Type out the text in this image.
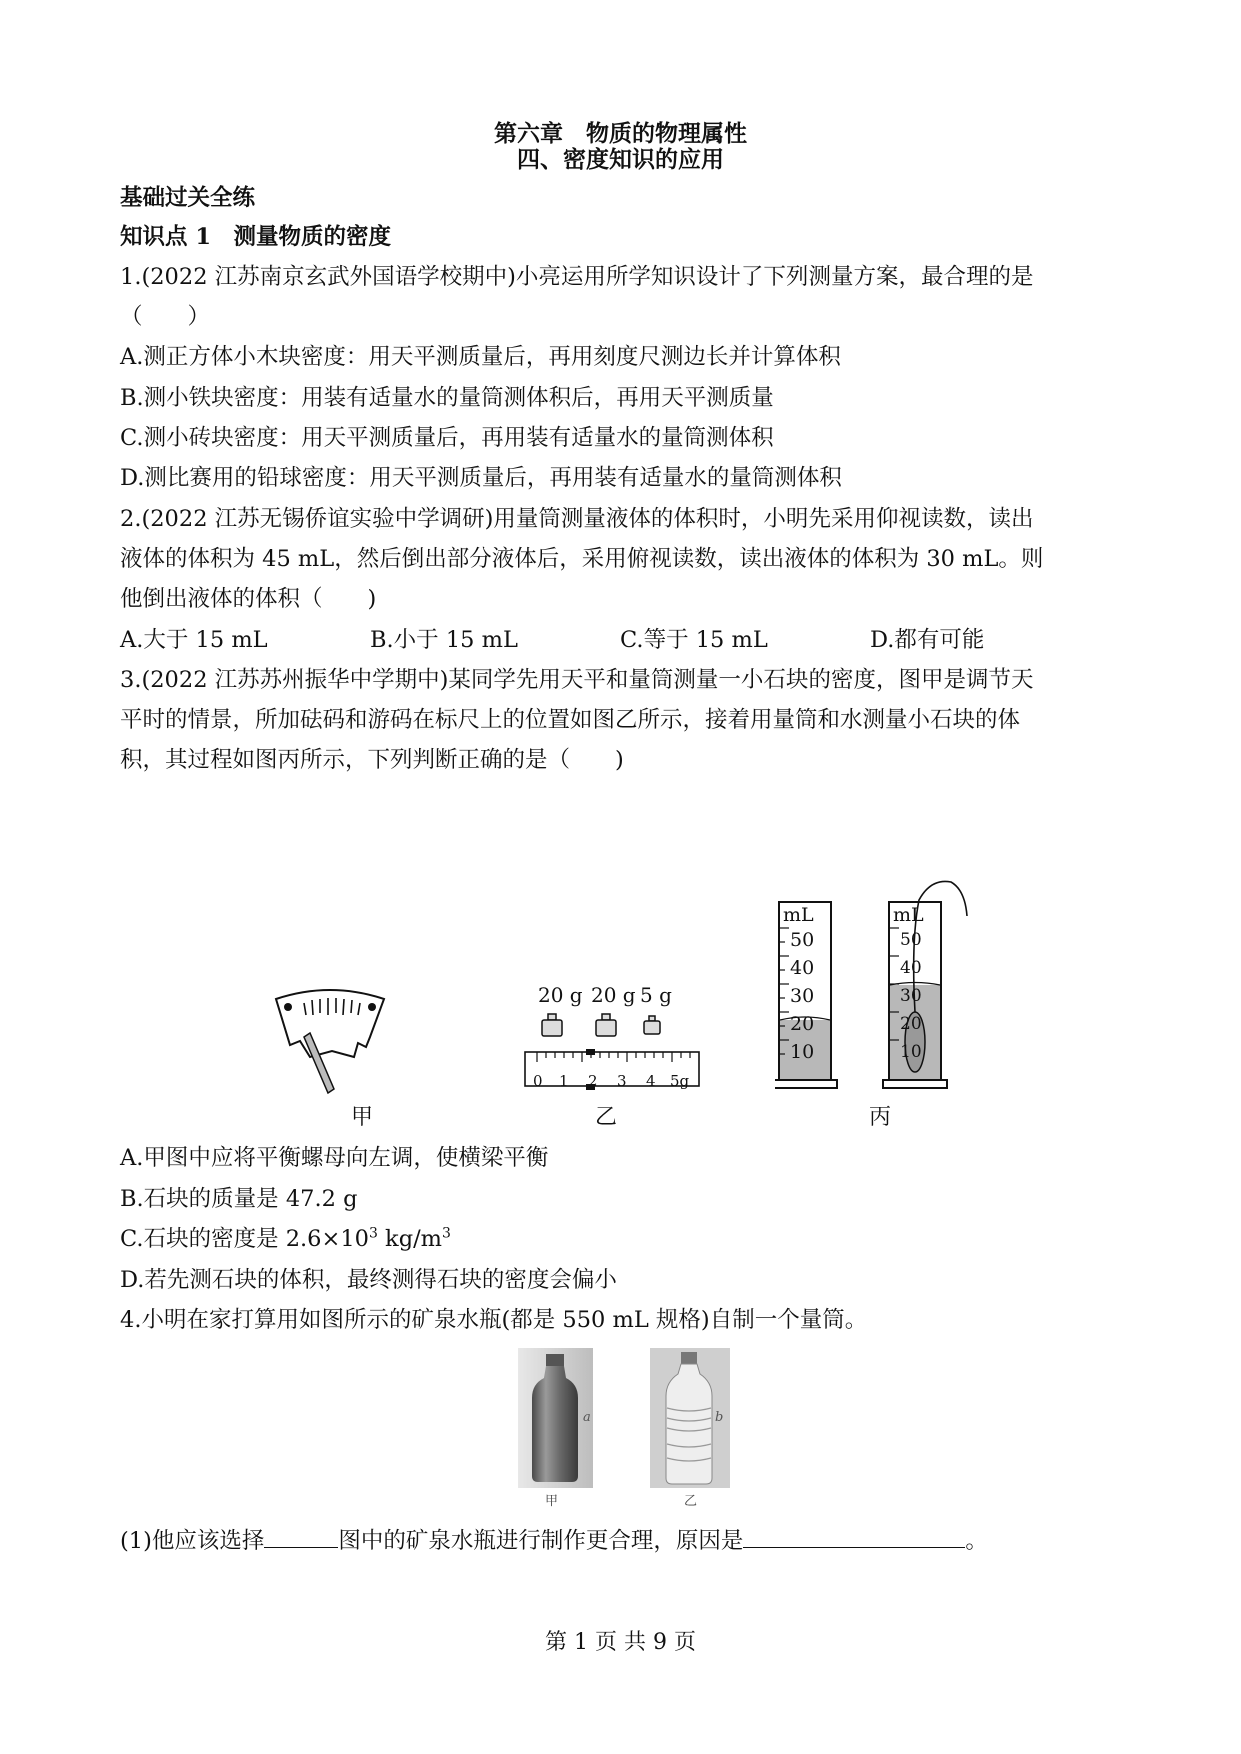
第六章　物质的物理属性
四、密度知识的应用
基础过关全练
知识点 1　测量物质的密度
1.(2022 江苏南京玄武外国语学校期中)小亮运用所学知识设计了下列测量方案，最合理的是
（　　）
A.测正方体小木块密度：用天平测质量后，再用刻度尺测边长并计算体积
B.测小铁块密度：用装有适量水的量筒测体积后，再用天平测质量
C.测小砖块密度：用天平测质量后，再用装有适量水的量筒测体积
D.测比赛用的铅球密度：用天平测质量后，再用装有适量水的量筒测体积
2.(2022 江苏无锡侨谊实验中学调研)用量筒测量液体的体积时，小明先采用仰视读数，读出
液体的体积为 45 mL，然后倒出部分液体后，采用俯视读数，读出液体的体积为 30 mL。则
他倒出液体的体积（　　)
A.大于 15 mL	B.小于 15 mL	C.等于 15 mL	D.都有可能
3.(2022 江苏苏州振华中学期中)某同学先用天平和量筒测量一小石块的密度，图甲是调节天
平时的情景，所加砝码和游码在标尺上的位置如图乙所示，接着用量筒和水测量小石块的体
积，其过程如图丙所示，下列判断正确的是（　　)
甲
20 g 20 g 5 g
0 1 2 3 4 5g
乙
mL
50
40
30
20
10
mL
50
40
30
20
10
丙
A.甲图中应将平衡螺母向左调，使横梁平衡
B.石块的质量是 47.2 g
C.石块的密度是 $2.6\times 10^3$ $kg/m^3$
D.若先测石块的体积，最终测得石块的密度会偏小
4.小明在家打算用如图所示的矿泉水瓶(都是 550 mL 规格)自制一个量筒。
a
甲
b
乙
(1)他应该选择	图中的矿泉水瓶进行制作更合理，原因是	。
第 1 页 共 9 页
